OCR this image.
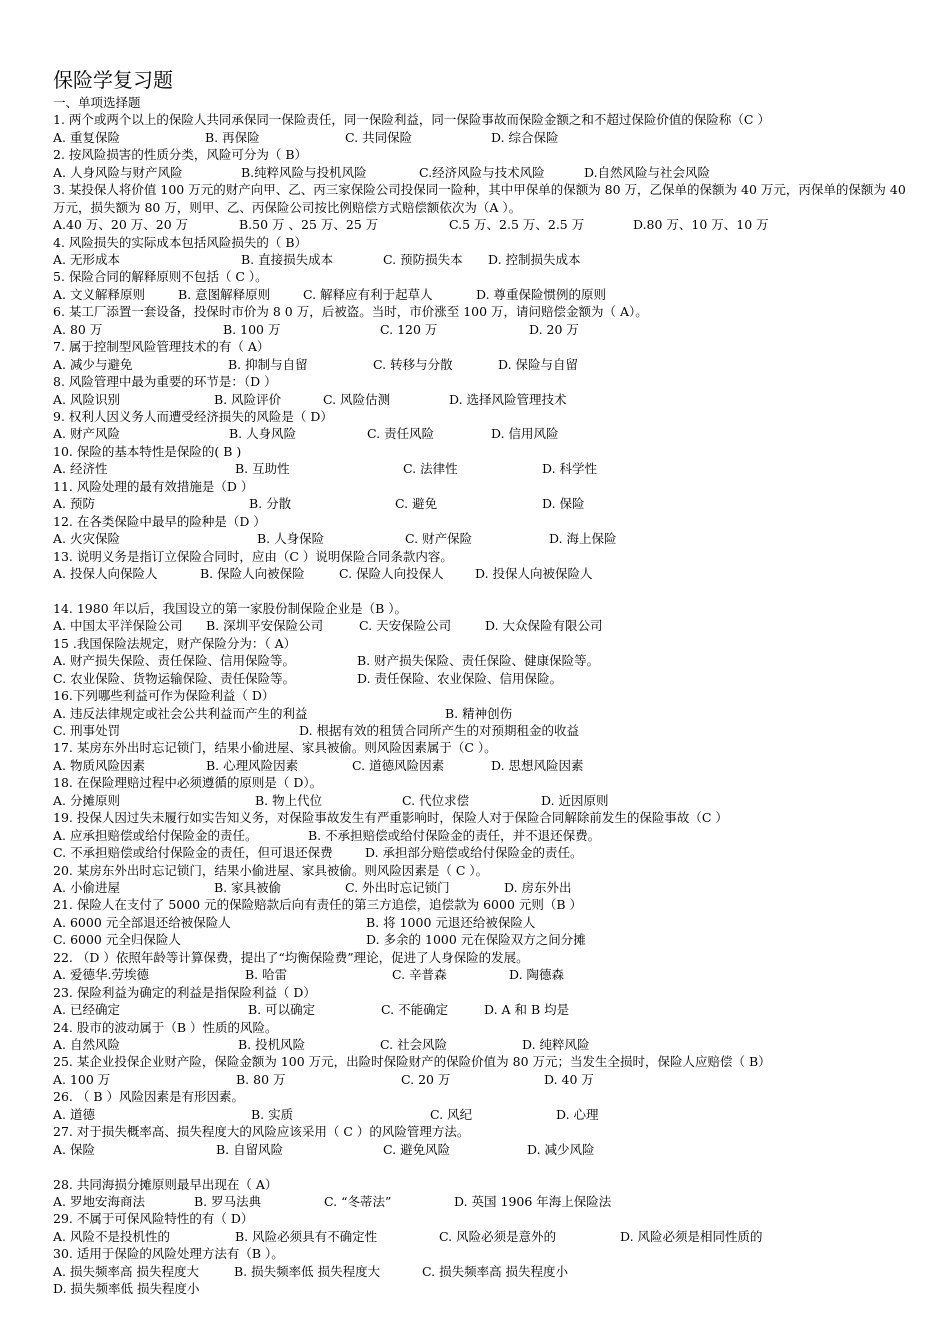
保险学复习题
一、单项选择题
1. 两个或两个以上的保险人共同承保同一保险责任，同一保险利益，同一保险事故而保险金额之和不超过保险价值的保险称（C ）
A. 重复保险	B. 再保险	C. 共同保险	D. 综合保险
2. 按风险损害的性质分类，风险可分为（ B）
A. 人身风险与财产风险	B.纯粹风险与投机风险	C.经济风险与技术风险	D.自然风险与社会风险
3. 某投保人将价值 100 万元的财产向甲、乙、丙三家保险公司投保同一险种，其中甲保单的保额为 80 万，乙保单的保额为 40 万元，丙保单的保额为 40 万元，损失额为 80 万，则甲、乙、丙保险公司按比例赔偿方式赔偿额依次为（A ）。
A.40 万、20 万、20 万	B.50 万 、25 万、25 万	C.5 万、2.5 万、2.5 万	D.80 万、10 万、10 万
4. 风险损失的实际成本包括风险损失的（ B）
A. 无形成本	B. 直接损失成本	C. 预防损失本 D. 控制损失成本
5. 保险合同的解释原则不包括（ C ）。
A. 文义解释原则	B. 意图解释原则	C. 解释应有利于起草人	D. 尊重保险惯例的原则
6. 某工厂添置一套设备，投保时市价为 8 0 万，后被盗。当时，市价涨至 100 万，请问赔偿金额为（ A）。
A. 80 万	B. 100 万	C. 120 万	D. 20 万
7. 属于控制型风险管理技术的有（ A）
A. 减少与避免	B. 抑制与自留	C. 转移与分散	D. 保险与自留
8. 风险管理中最为重要的环节是：（D ）
A. 风险识别	B. 风险评价	C. 风险估测	D. 选择风险管理技术
9. 权利人因义务人而遭受经济损失的风险是（ D）
A. 财产风险	B. 人身风险	C. 责任风险	D. 信用风险
10. 保险的基本特性是保险的( B )
A. 经济性	B. 互助性	C. 法律性	D. 科学性
11. 风险处理的最有效措施是（D ）
A. 预防	B. 分散	C. 避免	D. 保险
12. 在各类保险中最早的险种是（D ）
A. 火灾保险	B. 人身保险	C. 财产保险	D. 海上保险
13. 说明义务是指订立保险合同时，应由（C ）说明保险合同条款内容。
A. 投保人向保险人	B. 保险人向被保险	C. 保险人向投保人	D. 投保人向被保险人
14. 1980 年以后，我国设立的第一家股份制保险企业是（B ）。
A. 中国太平洋保险公司 B. 深圳平安保险公司	C. 天安保险公司	D. 大众保险有限公司
15 .我国保险法规定，财产保险分为：（ A）
A. 财产损失保险、责任保险、信用保险等。	B. 财产损失保险、责任保险、健康保险等。
C. 农业保险、货物运输保险、责任保险等。	D. 责任保险、农业保险、信用保险。
16.下列哪些利益可作为保险利益（ D）
A. 违反法律规定或社会公共利益而产生的利益	B. 精神创伤
C. 刑事处罚	D. 根据有效的租赁合同所产生的对预期租金的收益
17. 某房东外出时忘记锁门，结果小偷进屋、家具被偷。则风险因素属于（C ）。
A. 物质风险因素	B. 心理风险因素	C. 道德风险因素	D. 思想风险因素
18. 在保险理赔过程中必须遵循的原则是（ D）。
A. 分摊原则	B. 物上代位	C. 代位求偿	D. 近因原则
19. 投保人因过失未履行如实告知义务，对保险事故发生有严重影响时，保险人对于保险合同解除前发生的保险事故（C ）
A. 应承担赔偿或给付保险金的责任。	B. 不承担赔偿或给付保险金的责任，并不退还保费。
C. 不承担赔偿或给付保险金的责任，但可退还保费	D. 承担部分赔偿或给付保险金的责任。
20. 某房东外出时忘记锁门，结果小偷进屋、家具被偷。则风险因素是（ C ）。
A. 小偷进屋	B. 家具被偷	C. 外出时忘记锁门	D. 房东外出
21. 保险人在支付了 5000 元的保险赔款后向有责任的第三方追偿，追偿款为 6000 元则（B ）
A. 6000 元全部退还给被保险人	B. 将 1000 元退还给被保险人
C. 6000 元全归保险人	D. 多余的 1000 元在保险双方之间分摊
22. （D ）依照年龄等计算保费，提出了“均衡保险费”理论，促进了人身保险的发展。
A. 爱德华.劳埃德	B. 哈雷	C. 辛普森	D. 陶德森
23. 保险利益为确定的利益是指保险利益（ D）
A. 已经确定	B. 可以确定	C. 不能确定	D. A 和 B 均是
24. 股市的波动属于（B ）性质的风险。
A. 自然风险	B. 投机风险	C. 社会风险	D. 纯粹风险
25. 某企业投保企业财产险，保险金额为 100 万元，出险时保险财产的保险价值为 80 万元；当发生全损时，保险人应赔偿（ B）
A. 100 万	B. 80 万	C. 20 万	D. 40 万
26. （ B ）风险因素是有形因素。
A. 道德	B. 实质	C. 风纪	D. 心理
27. 对于损失概率高、损失程度大的风险应该采用（ C ）的风险管理方法。
A. 保险	B. 自留风险	C. 避免风险	D. 减少风险
28. 共同海损分摊原则最早出现在（ A）
A. 罗地安海商法	B. 罗马法典	C. “冬蒂法”	D. 英国 1906 年海上保险法
29. 不属于可保风险特性的有（ D）
A. 风险不是投机性的	B. 风险必须具有不确定性	C. 风险必须是意外的	D. 风险必须是相同性质的
30. 适用于保险的风险处理方法有（B ）。
A. 损失频率高 损失程度大	B. 损失频率低 损失程度大	C. 损失频率高 损失程度小
D. 损失频率低 损失程度小
